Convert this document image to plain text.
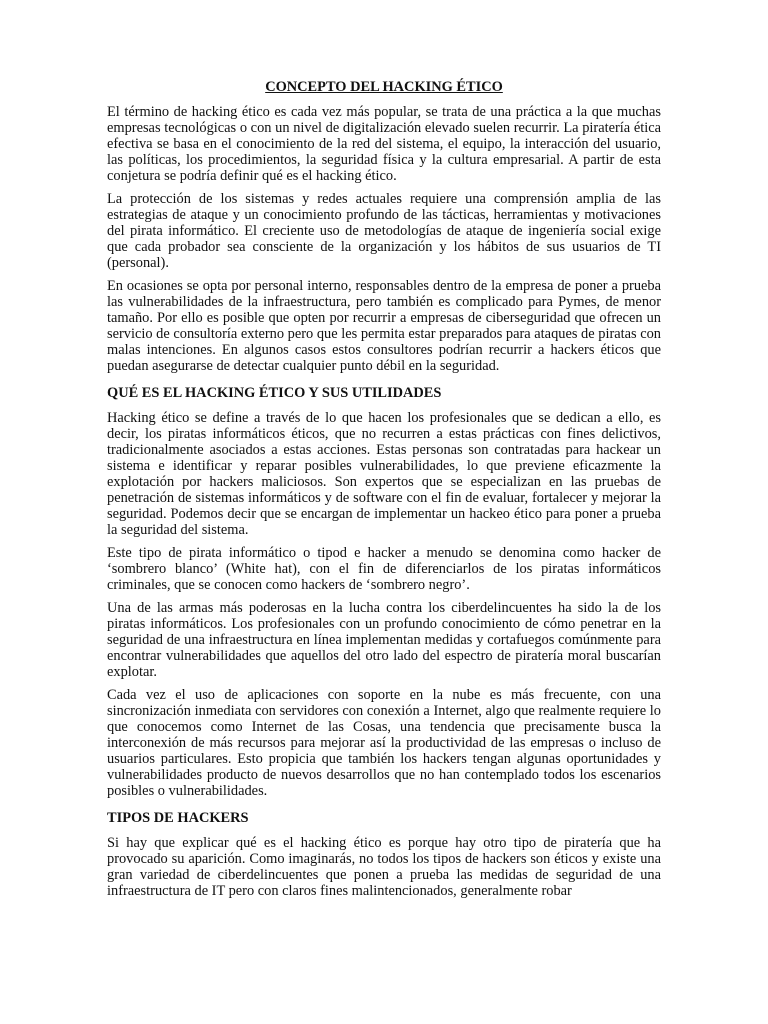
CONCEPTO DEL HACKING ÉTICO

El término de hacking ético es cada vez más popular, se trata de una práctica a la que muchas empresas tecnológicas o con un nivel de digitalización elevado suelen recurrir. La piratería ética efectiva se basa en el conocimiento de la red del sistema, el equipo, la interacción del usuario, las políticas, los procedimientos, la seguridad física y la cultura empresarial. A partir de esta conjetura se podría definir qué es el hacking ético.

La protección de los sistemas y redes actuales requiere una comprensión amplia de las estrategias de ataque y un conocimiento profundo de las tácticas, herramientas y motivaciones del pirata informático. El creciente uso de metodologías de ataque de ingeniería social exige que cada probador sea consciente de la organización y los hábitos de sus usuarios de TI (personal).

En ocasiones se opta por personal interno, responsables dentro de la empresa de poner a prueba las vulnerabilidades de la infraestructura, pero también es complicado para Pymes, de menor tamaño. Por ello es posible que opten por recurrir a empresas de ciberseguridad que ofrecen un servicio de consultoría externo pero que les permita estar preparados para ataques de piratas con malas intenciones. En algunos casos estos consultores podrían recurrir a hackers éticos que puedan asegurarse de detectar cualquier punto débil en la seguridad.

QUÉ ES EL HACKING ÉTICO Y SUS UTILIDADES

Hacking ético se define a través de lo que hacen los profesionales que se dedican a ello, es decir, los piratas informáticos éticos, que no recurren a estas prácticas con fines delictivos, tradicionalmente asociados a estas acciones. Estas personas son contratadas para hackear un sistema e identificar y reparar posibles vulnerabilidades, lo que previene eficazmente la explotación por hackers maliciosos. Son expertos que se especializan en las pruebas de penetración de sistemas informáticos y de software con el fin de evaluar, fortalecer y mejorar la seguridad. Podemos decir que se encargan de implementar un hackeo ético para poner a prueba la seguridad del sistema.

Este tipo de pirata informático o tipod e hacker a menudo se denomina como hacker de ‘sombrero blanco’ (White hat), con el fin de diferenciarlos de los piratas informáticos criminales, que se conocen como hackers de ‘sombrero negro’.

Una de las armas más poderosas en la lucha contra los ciberdelincuentes ha sido la de los piratas informáticos. Los profesionales con un profundo conocimiento de cómo penetrar en la seguridad de una infraestructura en línea implementan medidas y cortafuegos comúnmente para encontrar vulnerabilidades que aquellos del otro lado del espectro de piratería moral buscarían explotar.

Cada vez el uso de aplicaciones con soporte en la nube es más frecuente, con una sincronización inmediata con servidores con conexión a Internet, algo que realmente requiere lo que conocemos como Internet de las Cosas, una tendencia que precisamente busca la interconexión de más recursos para mejorar así la productividad de las empresas o incluso de usuarios particulares. Esto propicia que también los hackers tengan algunas oportunidades y vulnerabilidades producto de nuevos desarrollos que no han contemplado todos los escenarios posibles o vulnerabilidades.

TIPOS DE HACKERS

Si hay que explicar qué es el hacking ético es porque hay otro tipo de piratería que ha provocado su aparición. Como imaginarás, no todos los tipos de hackers son éticos y existe una gran variedad de ciberdelincuentes que ponen a prueba las medidas de seguridad de una infraestructura de IT pero con claros fines malintencionados, generalmente robar
